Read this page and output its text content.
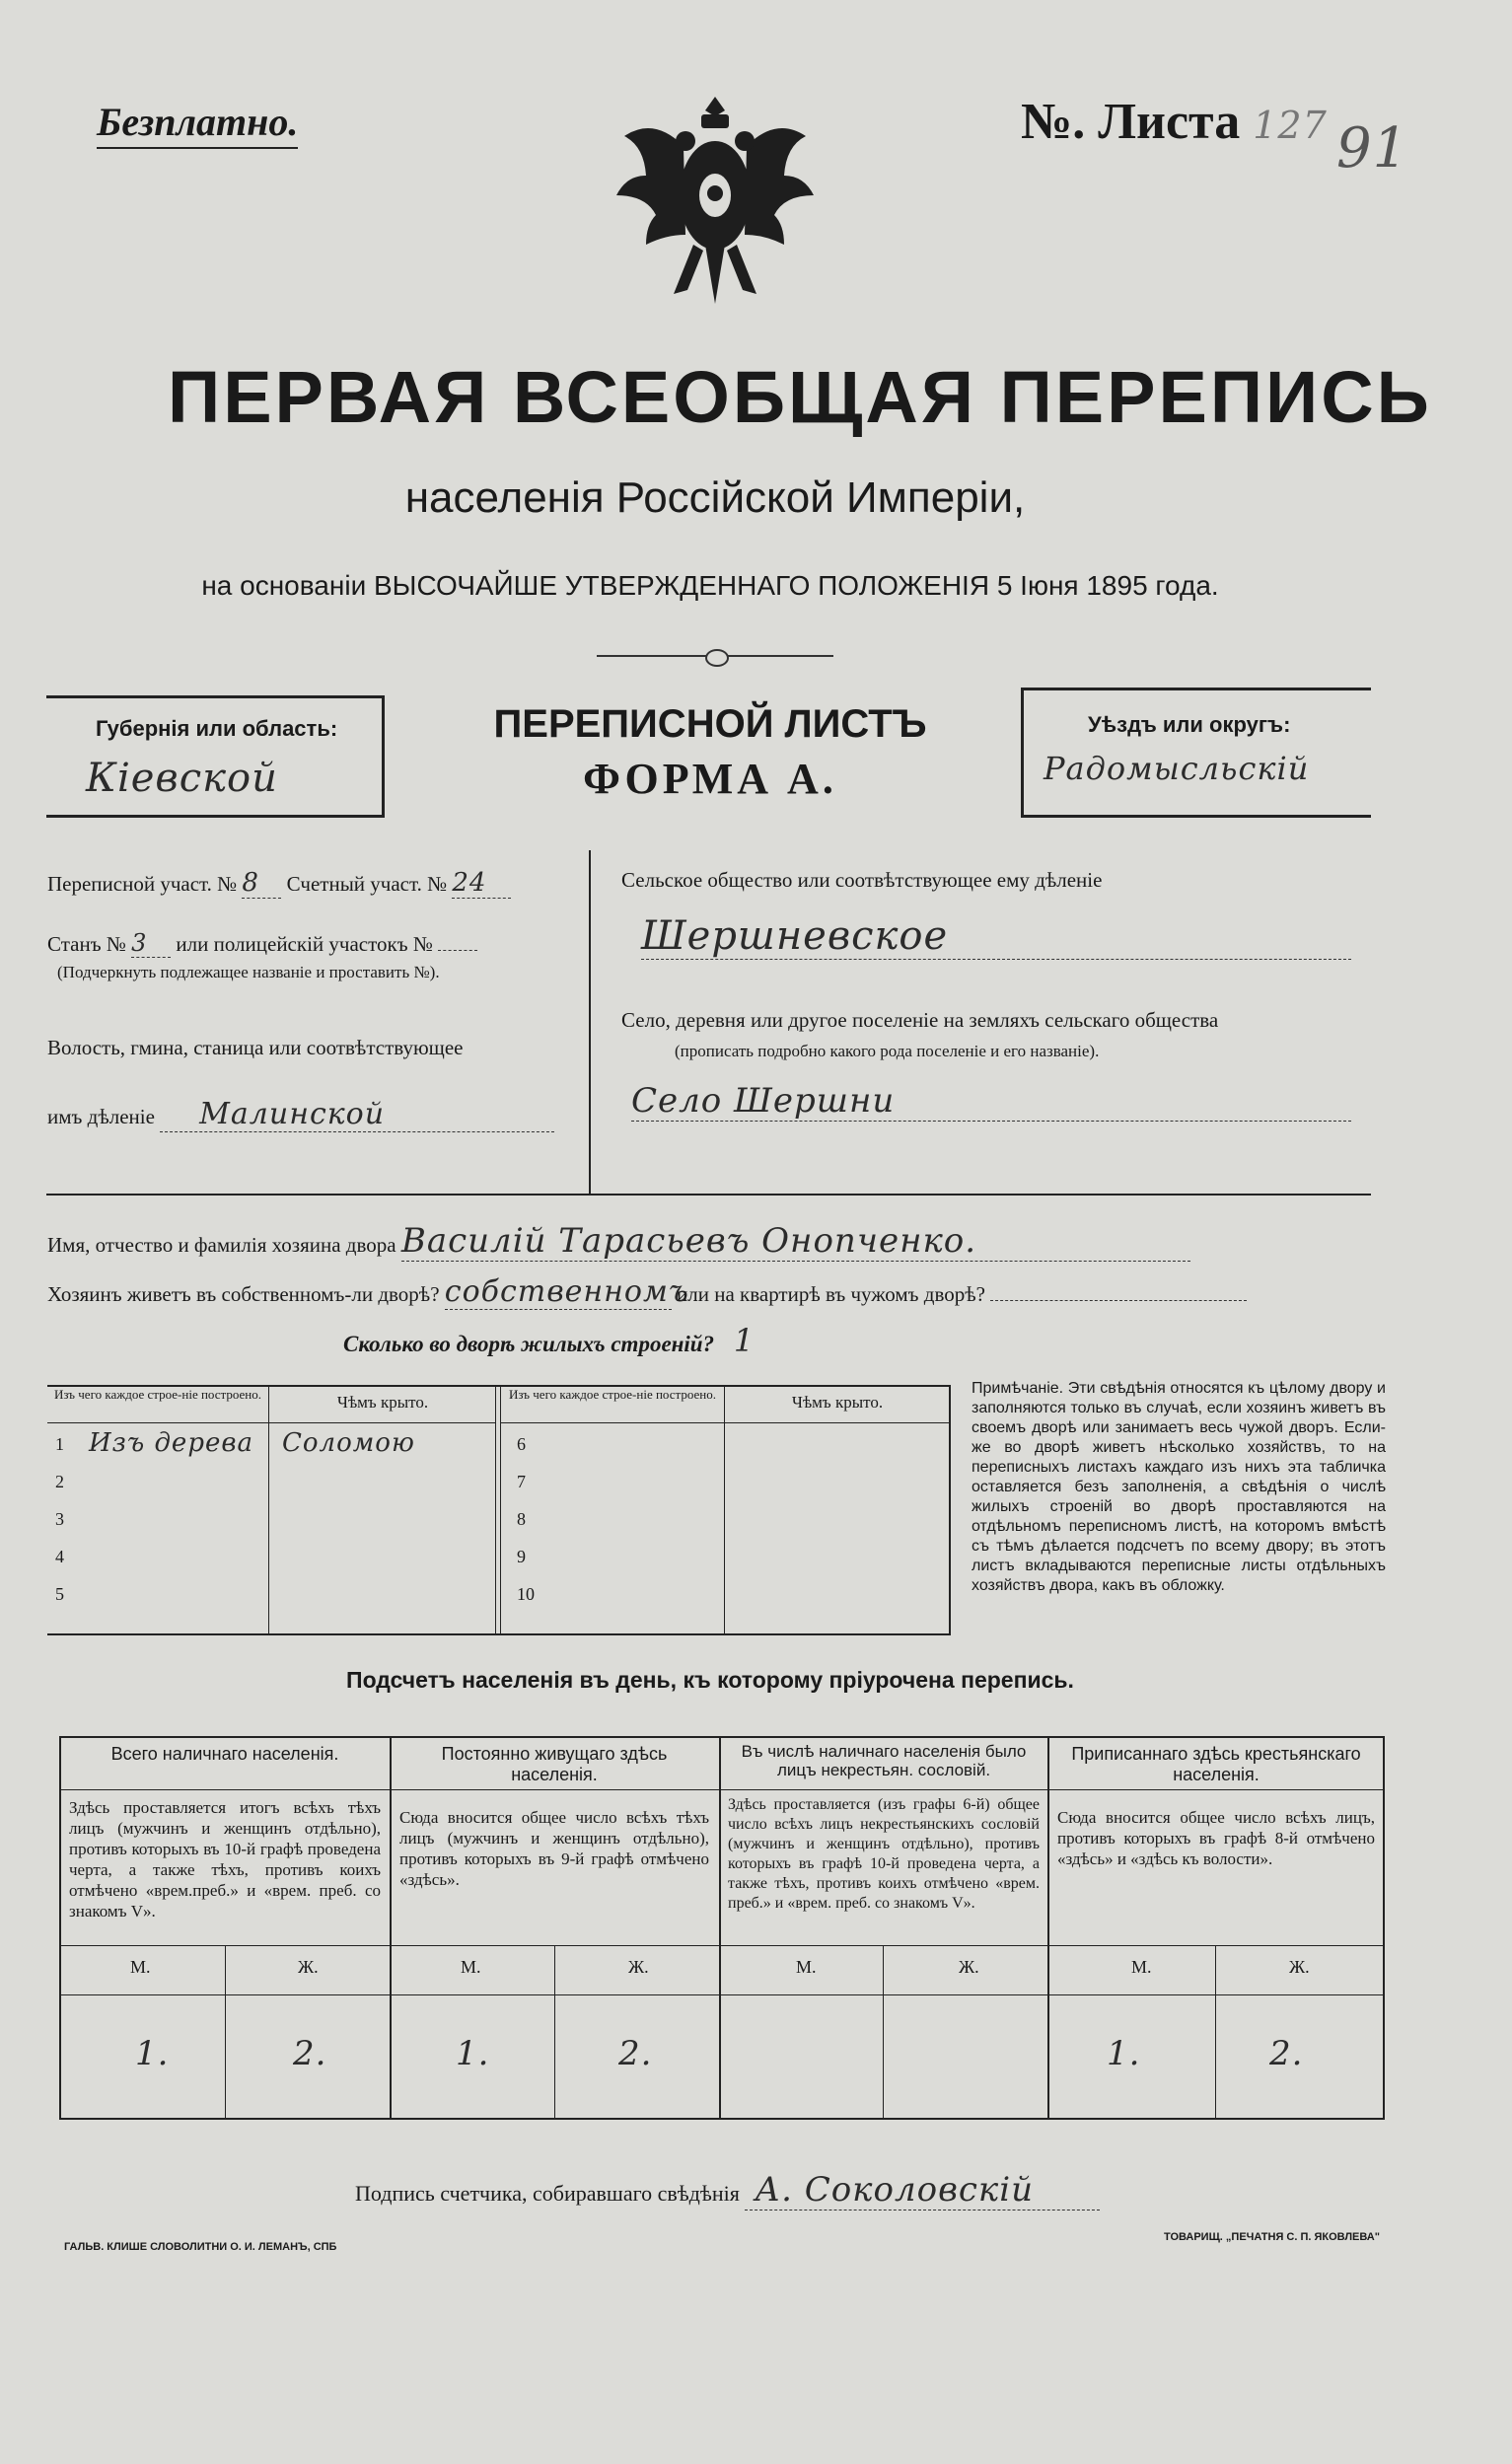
Безплатно.	№. Листа 127 91
ПЕРВАЯ ВСЕОБЩАЯ ПЕРЕПИСЬ
населенія Россійской Имперіи,
на основаніи ВЫСОЧАЙШЕ УТВЕРЖДЕННАГО ПОЛОЖЕНІЯ 5 Іюня 1895 года.
Губернія или область:
Кіевской
ПЕРЕПИСНОЙ ЛИСТЪ
ФОРМА А.
Уѣздъ или округъ:
Радомысльскій
Переписной участ. № 8 Счетный участ. № 24
Станъ № 3 или полицейскій участокъ №
(Подчеркнуть подлежащее названіе и проставить №).
Волость, гмина, станица или соотвѣтствующее
имъ дѣленіе Малинской
Сельское общество или соотвѣтствующее ему дѣленіе
Шершневское
Село, деревня или другое поселеніе на земляхъ сельскаго общества
(прописать подробно какого рода поселеніе и его названіе).
Село Шершни
Имя, отчество и фамилія хозяина двора Василій Тарасьевъ Онопченко.
Хозяинъ живетъ въ собственномъ-ли дворѣ? собственномъ или на квартирѣ въ чужомъ дворѣ?
Сколько во дворѣ жилыхъ строеній? 1
Изъ чего каждое строе-ніе построено.	Чѣмъ крыто.	Изъ чего каждое строе-ніе построено.	Чѣмъ крыто.
1 Изъ дерева Соломою
2
3
4
5
6
7
8
9
10
Примѣчаніе. Эти свѣдѣнія относятся къ цѣлому двору и заполняются только въ случаѣ, если хозяинъ живетъ въ своемъ дворѣ или занимаетъ весь чужой дворъ. Если-же во дворѣ живетъ нѣсколько хозяйствъ, то на переписныхъ листахъ каждаго изъ нихъ эта табличка оставляется безъ заполненія, а свѣдѣнія о числѣ жилыхъ строеній во дворѣ проставляются на отдѣльномъ переписномъ листѣ, на которомъ вмѣстѣ съ тѣмъ дѣлается подсчетъ по всему двору; въ этотъ листъ вкладываются переписные листы отдѣльныхъ хозяйствъ двора, какъ въ обложку.
Подсчетъ населенія въ день, къ которому пріурочена перепись.
Всего наличнаго населенія.
Здѣсь проставляется итогъ всѣхъ тѣхъ лицъ (мужчинъ и женщинъ отдѣльно), противъ которыхъ въ 10-й графѣ проведена черта, а также тѣхъ, противъ коихъ отмѣчено «врем.преб.» и «врем. преб. со знакомъ V».
М.	Ж.
1.	2.
Постоянно живущаго здѣсь населенія.
Сюда вносится общее число всѣхъ тѣхъ лицъ (мужчинъ и женщинъ отдѣльно), противъ которыхъ въ 9-й графѣ отмѣчено «здѣсь».
М.	Ж.
1.	2.
Въ числѣ наличнаго населенія было лицъ некрестьян. сословій.
Здѣсь проставляется (изъ графы 6-й) общее число всѣхъ лицъ некрестьянскихъ сословій (мужчинъ и женщинъ отдѣльно), противъ которыхъ въ графѣ 10-й проведена черта, а также тѣхъ, противъ коихъ отмѣчено «врем. преб.» и «врем. преб. со знакомъ V».
М.	Ж.
Приписаннаго здѣсь крестьянскаго населенія.
Сюда вносится общее число всѣхъ лицъ, противъ которыхъ въ графѣ 8-й отмѣчено «здѣсь» и «здѣсь къ волости».
М.	Ж.
1.	2.
Подпись счетчика, собиравшаго свѣдѣнія А. Соколовскій
ГАЛЬВ. КЛИШЕ СЛОВОЛИТНИ О. И. ЛЕМАНЪ, СПБ
ТОВАРИЩ. „ПЕЧАТНЯ С. П. ЯКОВЛЕВА"
